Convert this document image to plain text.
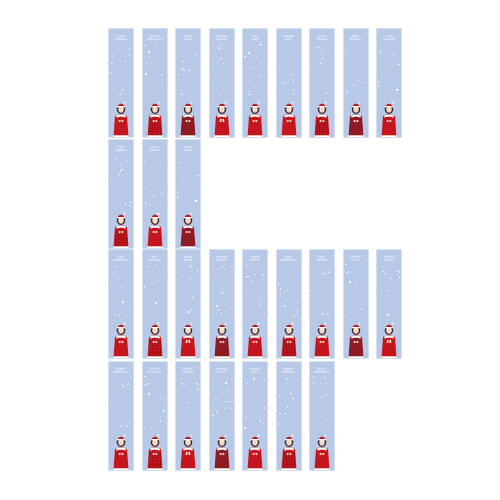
YUMIKI
NOMURA
MIZUKI
YAMASHITA
SHIORI
KUBO
MOMOKO
OZONO
YUKI
KAKI
HARUKA
KAKI
SHIORI
TANAKA
RENA
SHIBATA
YUMI
NOMURA
MIO
YAMADA
AYAKA
TAKADA
MIREI
SASAKI
SAYA
KAWAMURA
HINA
IMAIZUMI
RINKA
INOUE
MIZUHO
TAMURA
AYAME
OMORI
KIRA
MASUMOTO
NAGI
KOYAMA
SAKURA
YODA
KAZUKI
ENDO
YUZUKI
NAKANISHI
AYANO
KITAGAWA
MIZUKI
TOMITA
HARUKA
SUZUKI
NANAMI
YODA
MINAMI
UMEZAWA
SHIHO
TAKEMOTO
